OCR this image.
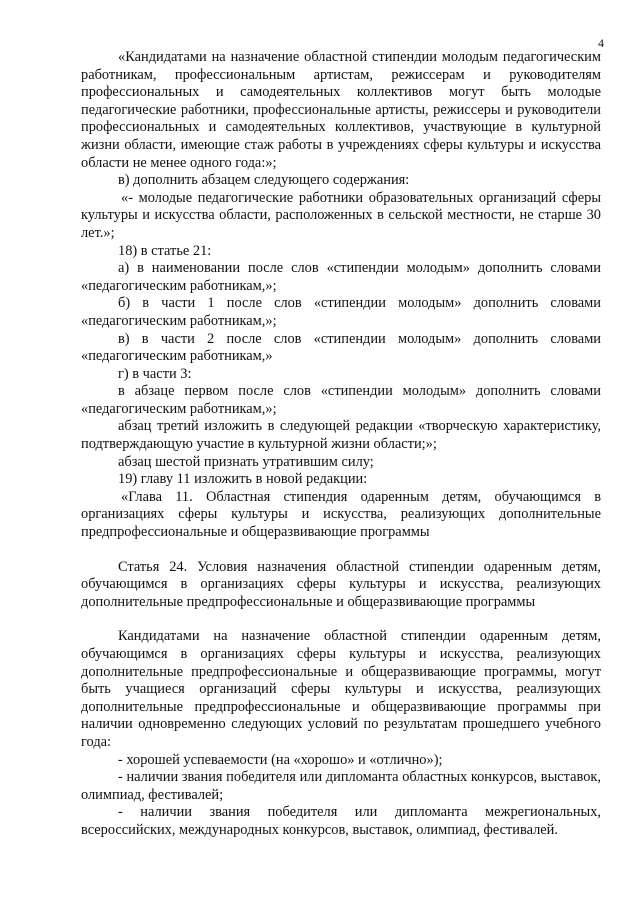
4

«Кандидатами на назначение областной стипендии молодым педагогическим работникам, профессиональным артистам, режиссерам и руководителям профессиональных и самодеятельных коллективов могут быть молодые педагогические работники, профессиональные артисты, режиссеры и руководители профессиональных и самодеятельных коллективов, участвующие в культурной жизни области, имеющие стаж работы в учреждениях сферы культуры и искусства области не менее одного года:»;

в) дополнить абзацем следующего содержания:

«- молодые педагогические работники образовательных организаций сферы культуры и искусства области, расположенных в сельской местности, не старше 30 лет.»;

18) в статье 21:

а) в наименовании после слов «стипендии молодым» дополнить словами «педагогическим работникам,»;

б) в части 1 после слов «стипендии молодым» дополнить словами «педагогическим работникам,»;

в) в части 2 после слов «стипендии молодым» дополнить словами «педагогическим работникам,»

г) в части 3:

в абзаце первом после слов «стипендии молодым» дополнить словами «педагогическим работникам,»;

абзац третий изложить в следующей редакции «творческую характеристику, подтверждающую участие в культурной жизни области;»;

абзац шестой признать утратившим силу;

19) главу 11 изложить в новой редакции:

«Глава 11. Областная стипендия одаренным детям, обучающимся в организациях сферы культуры и искусства, реализующих дополнительные предпрофессиональные и общеразвивающие программы

Статья 24. Условия назначения областной стипендии одаренным детям, обучающимся в организациях сферы культуры и искусства, реализующих дополнительные предпрофессиональные и общеразвивающие программы

Кандидатами на назначение областной стипендии одаренным детям, обучающимся в организациях сферы культуры и искусства, реализующих дополнительные предпрофессиональные и общеразвивающие программы, могут быть учащиеся организаций сферы культуры и искусства, реализующих дополнительные предпрофессиональные и общеразвивающие программы при наличии одновременно следующих условий по результатам прошедшего учебного года:

- хорошей успеваемости (на «хорошо» и «отлично»);

- наличии звания победителя или дипломанта областных конкурсов, выставок, олимпиад, фестивалей;

- наличии звания победителя или дипломанта межрегиональных, всероссийских, международных конкурсов, выставок, олимпиад, фестивалей.
